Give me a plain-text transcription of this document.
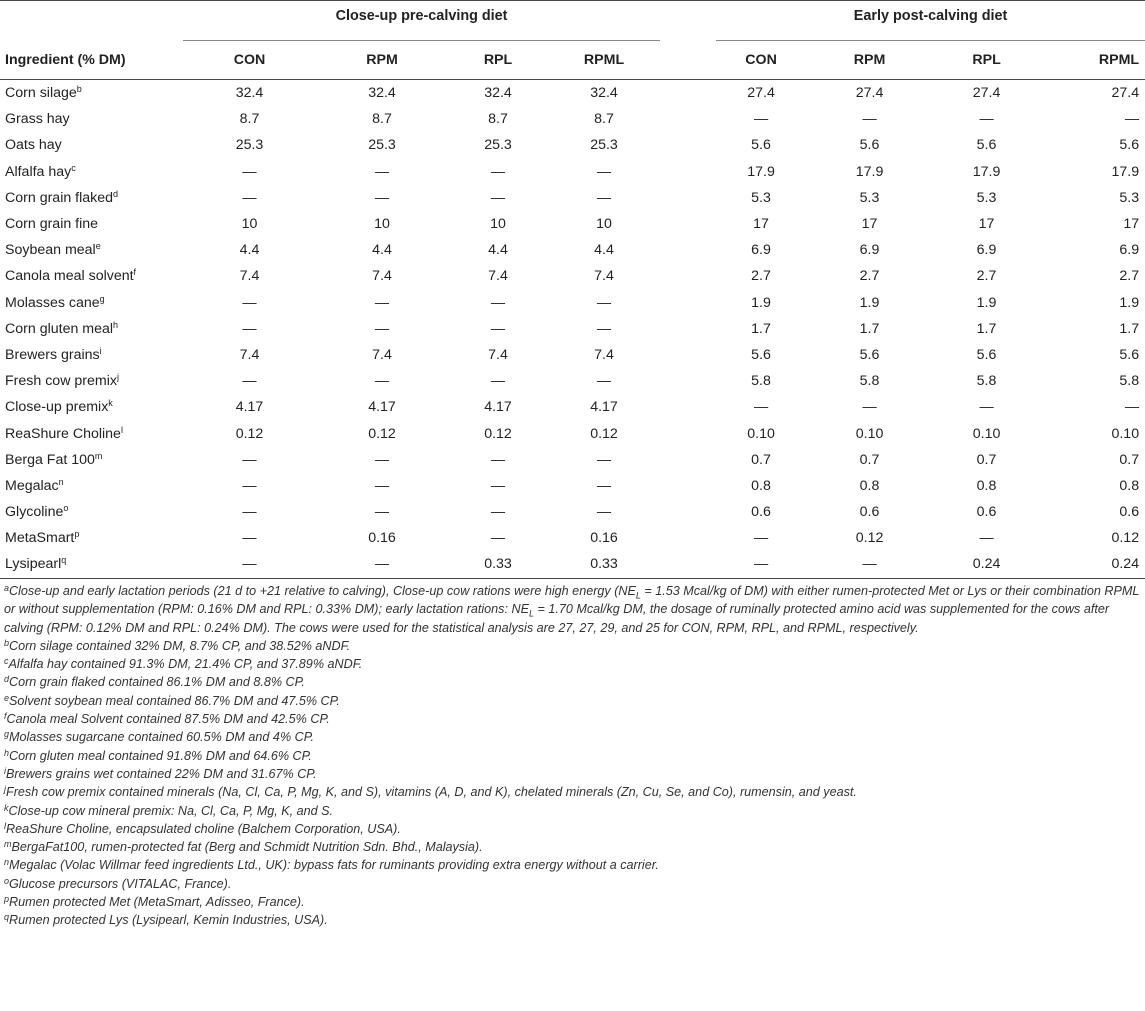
	Close-up pre-calving diet					Early post-calving diet			

Ingredient (% DM)	CON	RPM	RPL	RPML		CON	RPM	RPL	RPML
Corn silage$^b$	32.4	32.4	32.4	32.4		27.4	27.4	27.4	27.4
Grass hay	8.7	8.7	8.7	8.7		—	—	—	—
Oats hay	25.3	25.3	25.3	25.3		5.6	5.6	5.6	5.6
Alfalfa hay$^c$	—	—	—	—		17.9	17.9	17.9	17.9
Corn grain flaked$^d$	—	—	—	—		5.3	5.3	5.3	5.3
Corn grain fine	10	10	10	10		17	17	17	17
Soybean meal$^e$	4.4	4.4	4.4	4.4		6.9	6.9	6.9	6.9
Canola meal solvent$^f$	7.4	7.4	7.4	7.4		2.7	2.7	2.7	2.7
Molasses cane$^g$	—	—	—	—		1.9	1.9	1.9	1.9
Corn gluten meal$^h$	—	—	—	—		1.7	1.7	1.7	1.7
Brewers grains$^i$	7.4	7.4	7.4	7.4		5.6	5.6	5.6	5.6
Fresh cow premix$^j$	—	—	—	—		5.8	5.8	5.8	5.8
Close-up premix$^k$	4.17	4.17	4.17	4.17		—	—	—	—
ReaShure Choline$^l$	0.12	0.12	0.12	0.12		0.10	0.10	0.10	0.10
Berga Fat 100$^m$	—	—	—	—		0.7	0.7	0.7	0.7
Megalac$^n$	—	—	—	—		0.8	0.8	0.8	0.8
Glycoline$^o$	—	—	—	—		0.6	0.6	0.6	0.6
MetaSmart$^p$	—	0.16	—	0.16		—	0.12	—	0.12
Lysipearl$^q$	—	—	0.33	0.33		—	—	0.24	0.24

$^a$Close-up and early lactation periods (21 d to +21 relative to calving), Close-up cow rations were high energy ($NE_L = 1.53$ Mcal/kg of DM) with either rumen-protected Met or Lys or their combination RPML or without supplementation (RPM: 0.16% DM and RPL: 0.33% DM); early lactation rations: $NE_L = 1.70$ Mcal/kg DM, the dosage of ruminally protected amino acid was supplemented for the cows after calving (RPM: 0.12% DM and RPL: 0.24% DM). The cows were used for the statistical analysis are 27, 27, 29, and 25 for CON, RPM, RPL, and RPML, respectively.

$^b$Corn silage contained 32% DM, 8.7% CP, and 38.52% aNDF.

$^c$Alfalfa hay contained 91.3% DM, 21.4% CP, and 37.89% aNDF.

$^d$Corn grain flaked contained 86.1% DM and 8.8% CP.

$^e$Solvent soybean meal contained 86.7% DM and 47.5% CP.

$^f$Canola meal Solvent contained 87.5% DM and 42.5% CP.

$^g$Molasses sugarcane contained 60.5% DM and 4% CP.

$^h$Corn gluten meal contained 91.8% DM and 64.6% CP.

$^i$Brewers grains wet contained 22% DM and 31.67% CP.

$^j$Fresh cow premix contained minerals (Na, Cl, Ca, P, Mg, K, and S), vitamins (A, D, and K), chelated minerals (Zn, Cu, Se, and Co), rumensin, and yeast.

$^k$Close-up cow mineral premix: Na, Cl, Ca, P, Mg, K, and S.

$^l$ReaShure Choline, encapsulated choline (Balchem Corporation, USA).

$^m$BergaFat100, rumen-protected fat (Berg and Schmidt Nutrition Sdn. Bhd., Malaysia).

$^n$Megalac (Volac Willmar feed ingredients Ltd., UK): bypass fats for ruminants providing extra energy without a carrier.

$^o$Glucose precursors (VITALAC, France).

$^p$Rumen protected Met (MetaSmart, Adisseo, France).

$^q$Rumen protected Lys (Lysipearl, Kemin Industries, USA).
